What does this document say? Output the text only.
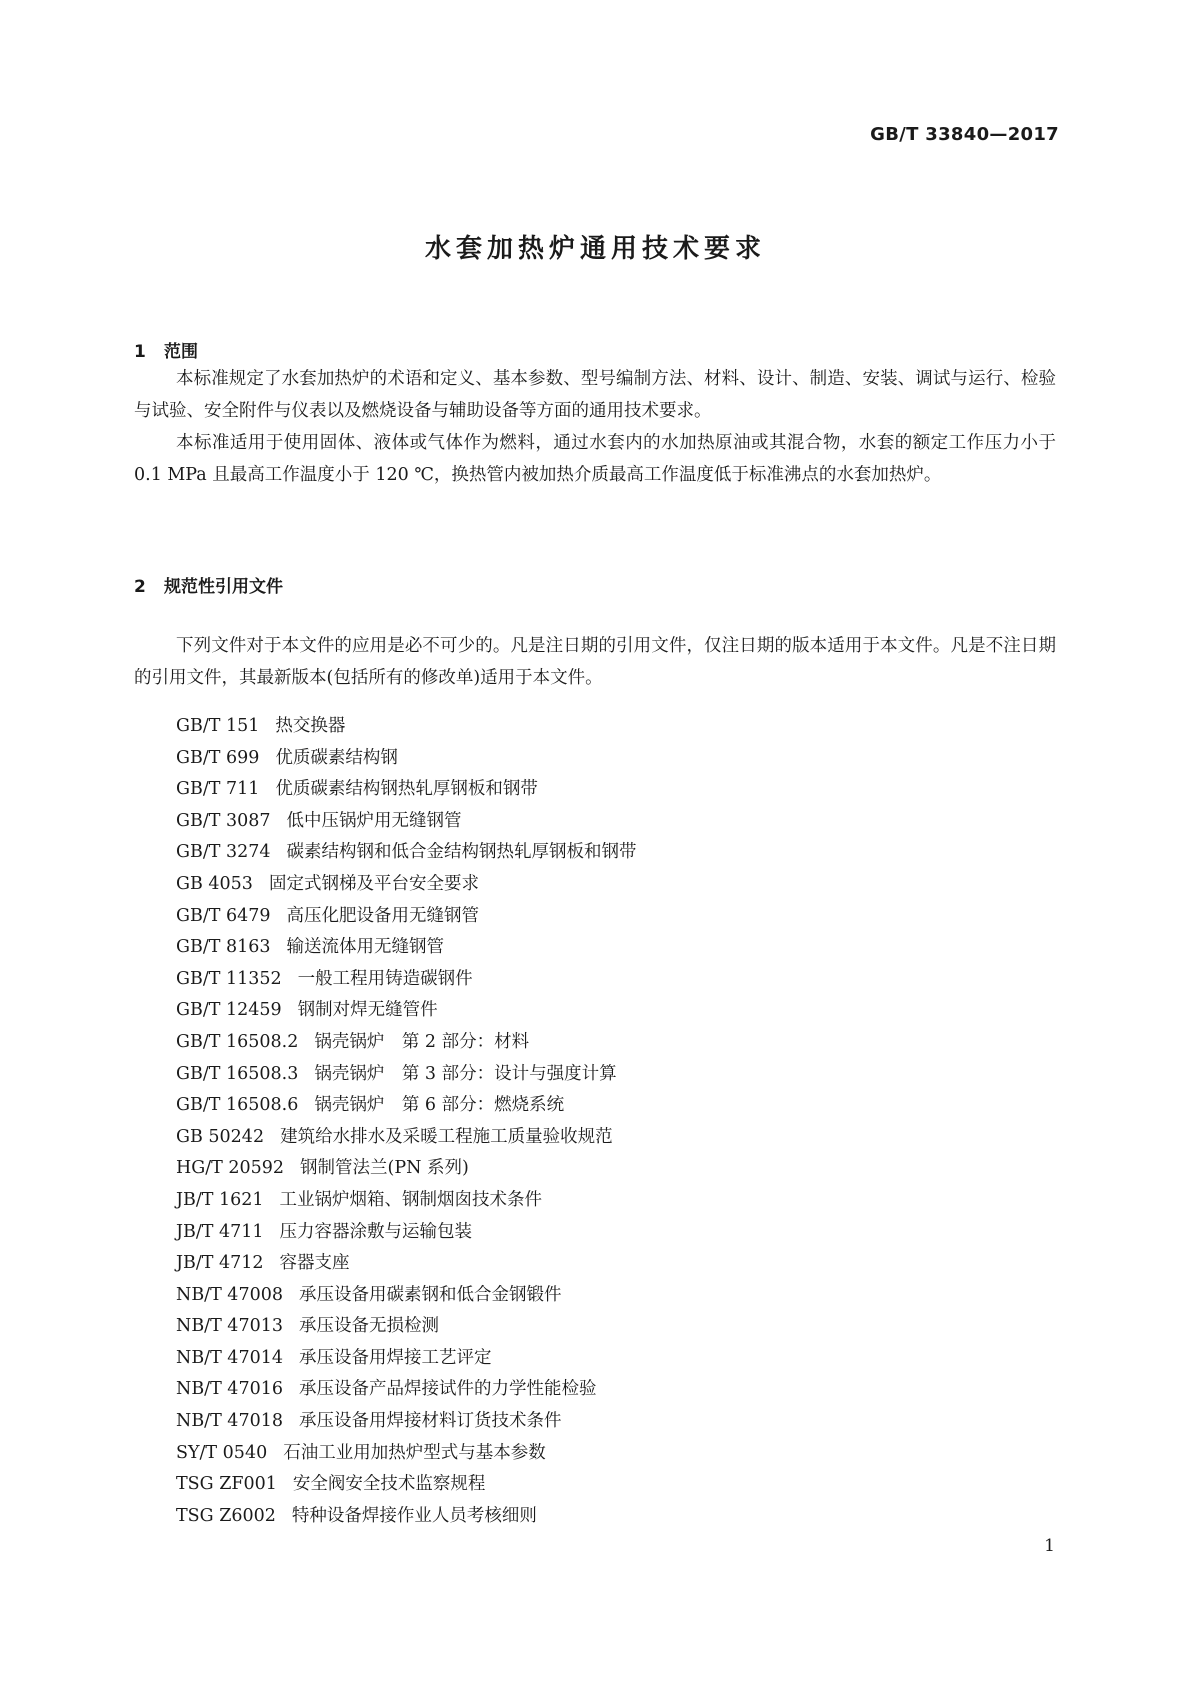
GB/T 33840—2017
水套加热炉通用技术要求
1 范围

本标准规定了水套加热炉的术语和定义、基本参数、型号编制方法、材料、设计、制造、安装、调试与运行、检验与试验、安全附件与仪表以及燃烧设备与辅助设备等方面的通用技术要求。

本标准适用于使用固体、液体或气体作为燃料，通过水套内的水加热原油或其混合物，水套的额定工作压力小于 0.1 MPa 且最高工作温度小于 120 ℃，换热管内被加热介质最高工作温度低于标准沸点的水套加热炉。

2 规范性引用文件

下列文件对于本文件的应用是必不可少的。凡是注日期的引用文件，仅注日期的版本适用于本文件。凡是不注日期的引用文件，其最新版本(包括所有的修改单)适用于本文件。

GB/T 151 热交换器
GB/T 699 优质碳素结构钢
GB/T 711 优质碳素结构钢热轧厚钢板和钢带
GB/T 3087 低中压锅炉用无缝钢管
GB/T 3274 碳素结构钢和低合金结构钢热轧厚钢板和钢带
GB 4053 固定式钢梯及平台安全要求
GB/T 6479 高压化肥设备用无缝钢管
GB/T 8163 输送流体用无缝钢管
GB/T 11352 一般工程用铸造碳钢件
GB/T 12459 钢制对焊无缝管件
GB/T 16508.2 锅壳锅炉　第 2 部分：材料
GB/T 16508.3 锅壳锅炉　第 3 部分：设计与强度计算
GB/T 16508.6 锅壳锅炉　第 6 部分：燃烧系统
GB 50242 建筑给水排水及采暖工程施工质量验收规范
HG/T 20592 钢制管法兰(PN 系列)
JB/T 1621 工业锅炉烟箱、钢制烟囱技术条件
JB/T 4711 压力容器涂敷与运输包装
JB/T 4712 容器支座
NB/T 47008 承压设备用碳素钢和低合金钢锻件
NB/T 47013 承压设备无损检测
NB/T 47014 承压设备用焊接工艺评定
NB/T 47016 承压设备产品焊接试件的力学性能检验
NB/T 47018 承压设备用焊接材料订货技术条件
SY/T 0540 石油工业用加热炉型式与基本参数
TSG ZF001 安全阀安全技术监察规程
TSG Z6002 特种设备焊接作业人员考核细则
1
